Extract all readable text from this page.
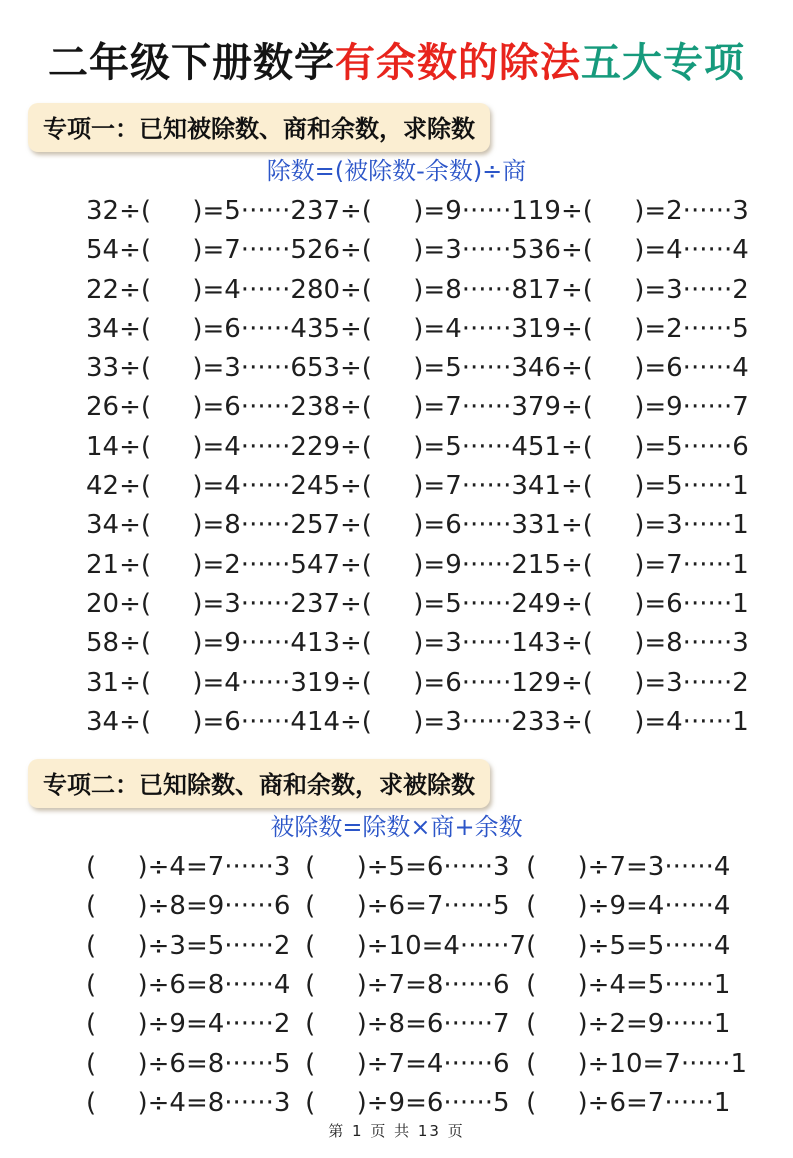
二年级下册数学有余数的除法五大专项
专项一：已知被除数、商和余数，求除数
除数=(被除数-余数)÷商
32÷(     )=5······2 37÷(     )=9······1 19÷(     )=2······3
54÷(     )=7······5 26÷(     )=3······5 36÷(     )=4······4
22÷(     )=4······2 80÷(     )=8······8 17÷(     )=3······2
34÷(     )=6······4 35÷(     )=4······3 19÷(     )=2······5
33÷(     )=3······6 53÷(     )=5······3 46÷(     )=6······4
26÷(     )=6······2 38÷(     )=7······3 79÷(     )=9······7
14÷(     )=4······2 29÷(     )=5······4 51÷(     )=5······6
42÷(     )=4······2 45÷(     )=7······3 41÷(     )=5······1
34÷(     )=8······2 57÷(     )=6······3 31÷(     )=3······1
21÷(     )=2······5 47÷(     )=9······2 15÷(     )=7······1
20÷(     )=3······2 37÷(     )=5······2 49÷(     )=6······1
58÷(     )=9······4 13÷(     )=3······1 43÷(     )=8······3
31÷(     )=4······3 19÷(     )=6······1 29÷(     )=3······2
34÷(     )=6······4 14÷(     )=3······2 33÷(     )=4······1
专项二：已知除数、商和余数，求被除数
被除数=除数×商+余数
(     )÷4=7······3 (     )÷5=6······3 (     )÷7=3······4
(     )÷8=9······6 (     )÷6=7······5 (     )÷9=4······4
(     )÷3=5······2 (     )÷10=4······7 (     )÷5=5······4
(     )÷6=8······4 (     )÷7=8······6 (     )÷4=5······1
(     )÷9=4······2 (     )÷8=6······7 (     )÷2=9······1
(     )÷6=8······5 (     )÷7=4······6 (     )÷10=7······1
(     )÷4=8······3 (     )÷9=6······5 (     )÷6=7······1
第 1 页 共 13 页
